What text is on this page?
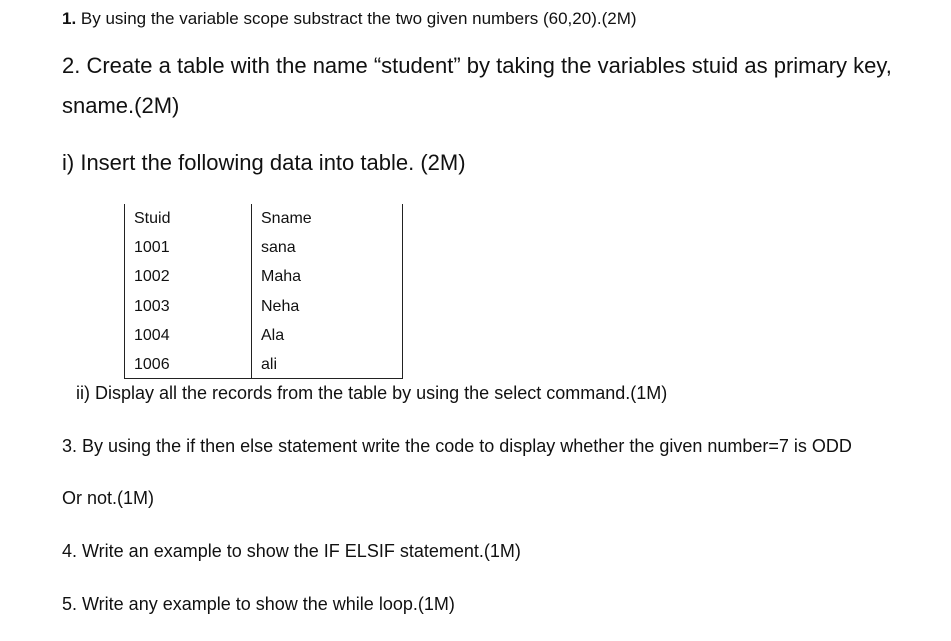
1. By using the variable scope substract the two given numbers (60,20).(2M)
2. Create a table with the name “student” by taking the variables stuid as primary key,
sname.(2M)
i) Insert the following data into table. (2M)
Stuid	Sname
1001	sana
1002	Maha
1003	Neha
1004	Ala
1006	ali
ii) Display all the records from the table by using the select command.(1M)
3. By using the if then else statement write the code to display whether the given number=7 is ODD
Or not.(1M)
4. Write an example to show the IF ELSIF statement.(1M)
5. Write any example to show the while loop.(1M)
